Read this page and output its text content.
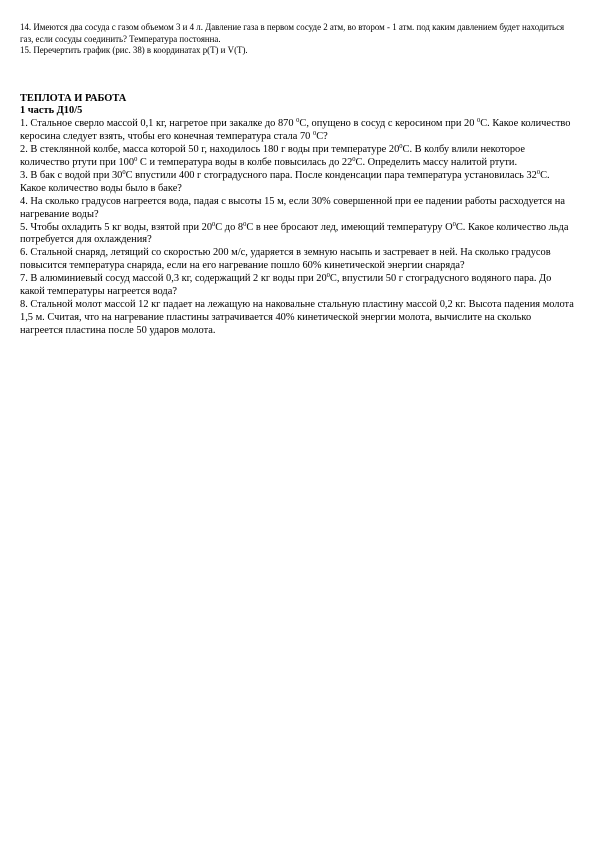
14. Имеются два сосуда с газом объемом 3 и 4 л. Давление газа в первом сосуде 2 атм, во втором - 1 атм. под каким давлением будет находиться газ, если сосуды соединить? Температура постоянна.

15. Перечертить график (рис. 38) в координатах р(Т) и V(T).

ТЕПЛОТА И РАБОТА

1 часть Д10/5

1. Стальное сверло массой 0,1 кг, нагретое при закалке до 870 $^0$С, опущено в сосуд с керосином при 20 $^0$С. Какое количество керосина следует взять, чтобы его конечная температура стала 70 $^0$С?

2. В стеклянной колбе, масса которой 50 г, находилось 180 г воды при температуре $20^0С$. В колбу влили некоторое количество ртути при $100^0$ С и температура воды в колбе повысилась до $22^0С$. Определить массу налитой ртути.

3. В бак с водой при $30^0С$ впустили 400 г стоградусного пара. После конденсации пара температура установилась $32^0С$. Какое количество воды было в баке?

4. На сколько градусов нагреется вода, падая с высоты 15 м, если 30% совершенной при ее падении работы расходуется на нагревание воды?

5. Чтобы охладить 5 кг воды, взятой при $20^0С$ до $8^0С$ в нее бросают лед, имеющий температуру $О^0С$. Какое количество льда потребуется для охлаждения?

6. Стальной снаряд, летящий со скоростью 200 м/с, ударяется в земную насыпь и застревает в ней. На сколько градусов повысится температура снаряда, если на его нагревание пошло 60% кинетической энергии снаряда?

7. В алюминиевый сосуд массой 0,3 кг, содержащий 2 кг воды при $20^0С$, впустили 50 г стоградусного водяного пара. До какой температуры нагреется вода?

8. Стальной молот массой 12 кг падает на лежащую на наковальне стальную пластину массой 0,2 кг. Высота падения молота 1,5 м. Считая, что на нагревание пластины затрачивается 40% кинетической энергии молота, вычислите на сколько нагреется пластина после 50 ударов молота.
